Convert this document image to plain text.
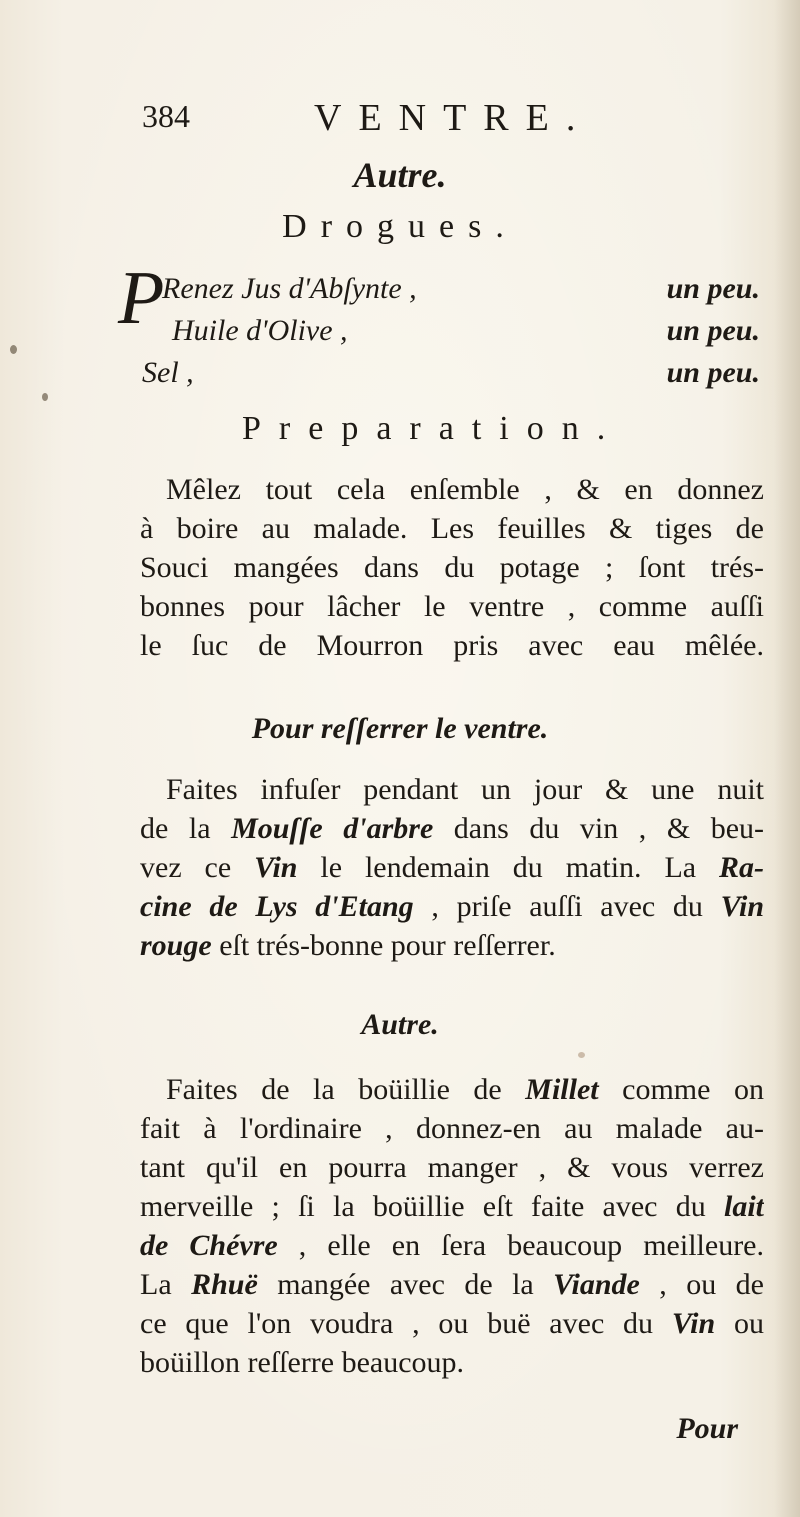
384	VENTRE.
Autre.
Drogues.
P
Renez Jus d'Abſynte ,	un peu.
Huile d'Olive ,	un peu.
Sel ,	un peu.
Preparation.
Mêlez tout cela enſemble , & en donnez
à boire au malade. Les feuilles & tiges de
Souci mangées dans du potage ; ſont trés-
bonnes pour lâcher le ventre , comme auſſi
le ſuc de Mourron pris avec eau mêlée.
Pour reſſerrer le ventre.
Faites infuſer pendant un jour & une nuit
de la Mouſſe d'arbre dans du vin , & beu-
vez ce Vin le lendemain du matin. La Ra-
cine de Lys d'Etang , priſe auſſi avec du Vin
rouge eſt trés-bonne pour reſſerrer.
Autre.
Faites de la boüillie de Millet comme on
fait à l'ordinaire , donnez-en au malade au-
tant qu'il en pourra manger , & vous verrez
merveille ; ſi la boüillie eſt faite avec du lait
de Chévre , elle en ſera beaucoup meilleure.
La Rhuë mangée avec de la Viande , ou de
ce que l'on voudra , ou buë avec du Vin ou
boüillon reſſerre beaucoup.
Pour
